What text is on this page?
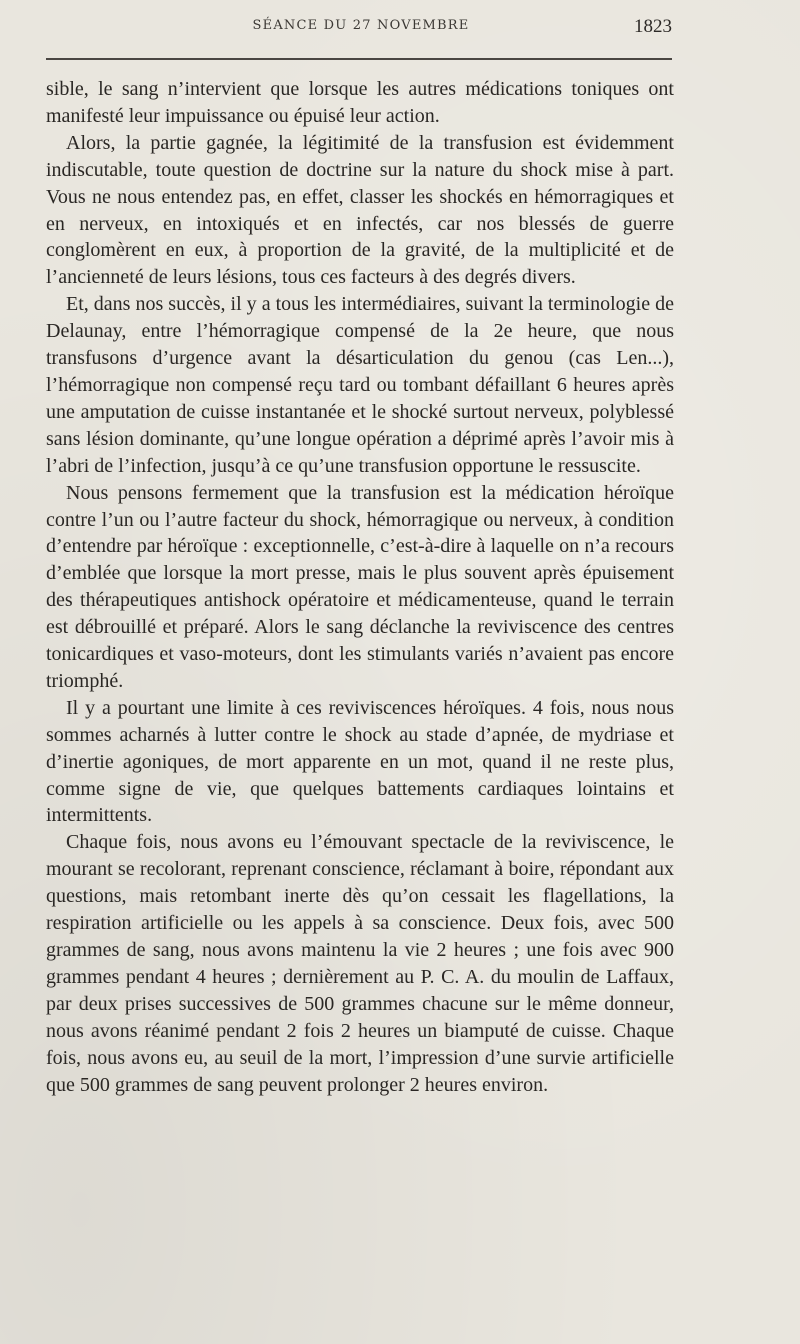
SÉANCE DU 27 NOVEMBRE	1823

sible, le sang n’intervient que lorsque les autres médications toniques ont manifesté leur impuissance ou épuisé leur action.

Alors, la partie gagnée, la légitimité de la transfusion est évidemment indiscutable, toute question de doctrine sur la nature du shock mise à part. Vous ne nous entendez pas, en effet, classer les shockés en hémorragiques et en nerveux, en intoxiqués et en infectés, car nos blessés de guerre conglomèrent en eux, à proportion de la gravité, de la multiplicité et de l’ancienneté de leurs lésions, tous ces facteurs à des degrés divers.

Et, dans nos succès, il y a tous les intermédiaires, suivant la terminologie de Delaunay, entre l’hémorragique compensé de la 2e heure, que nous transfusons d’urgence avant la désarticulation du genou (cas Len...), l’hémorragique non compensé reçu tard ou tombant défaillant 6 heures après une amputation de cuisse instantanée et le shocké surtout nerveux, polyblessé sans lésion dominante, qu’une longue opération a déprimé après l’avoir mis à l’abri de l’infection, jusqu’à ce qu’une transfusion opportune le ressuscite.

Nous pensons fermement que la transfusion est la médication héroïque contre l’un ou l’autre facteur du shock, hémorragique ou nerveux, à condition d’entendre par héroïque : exceptionnelle, c’est-à-dire à laquelle on n’a recours d’emblée que lorsque la mort presse, mais le plus souvent après épuisement des thérapeutiques antishock opératoire et médicamenteuse, quand le terrain est débrouillé et préparé. Alors le sang déclanche la reviviscence des centres tonicardiques et vaso-moteurs, dont les stimulants variés n’avaient pas encore triomphé.

Il y a pourtant une limite à ces reviviscences héroïques. 4 fois, nous nous sommes acharnés à lutter contre le shock au stade d’apnée, de mydriase et d’inertie agoniques, de mort apparente en un mot, quand il ne reste plus, comme signe de vie, que quelques battements cardiaques lointains et intermittents.

Chaque fois, nous avons eu l’émouvant spectacle de la reviviscence, le mourant se recolorant, reprenant conscience, réclamant à boire, répondant aux questions, mais retombant inerte dès qu’on cessait les flagellations, la respiration artificielle ou les appels à sa conscience. Deux fois, avec 500 grammes de sang, nous avons maintenu la vie 2 heures ; une fois avec 900 grammes pendant 4 heures ; dernièrement au P. C. A. du moulin de Laffaux, par deux prises successives de 500 grammes chacune sur le même donneur, nous avons réanimé pendant 2 fois 2 heures un biamputé de cuisse. Chaque fois, nous avons eu, au seuil de la mort, l’impression d’une survie artificielle que 500 grammes de sang peuvent prolonger 2 heures environ.
